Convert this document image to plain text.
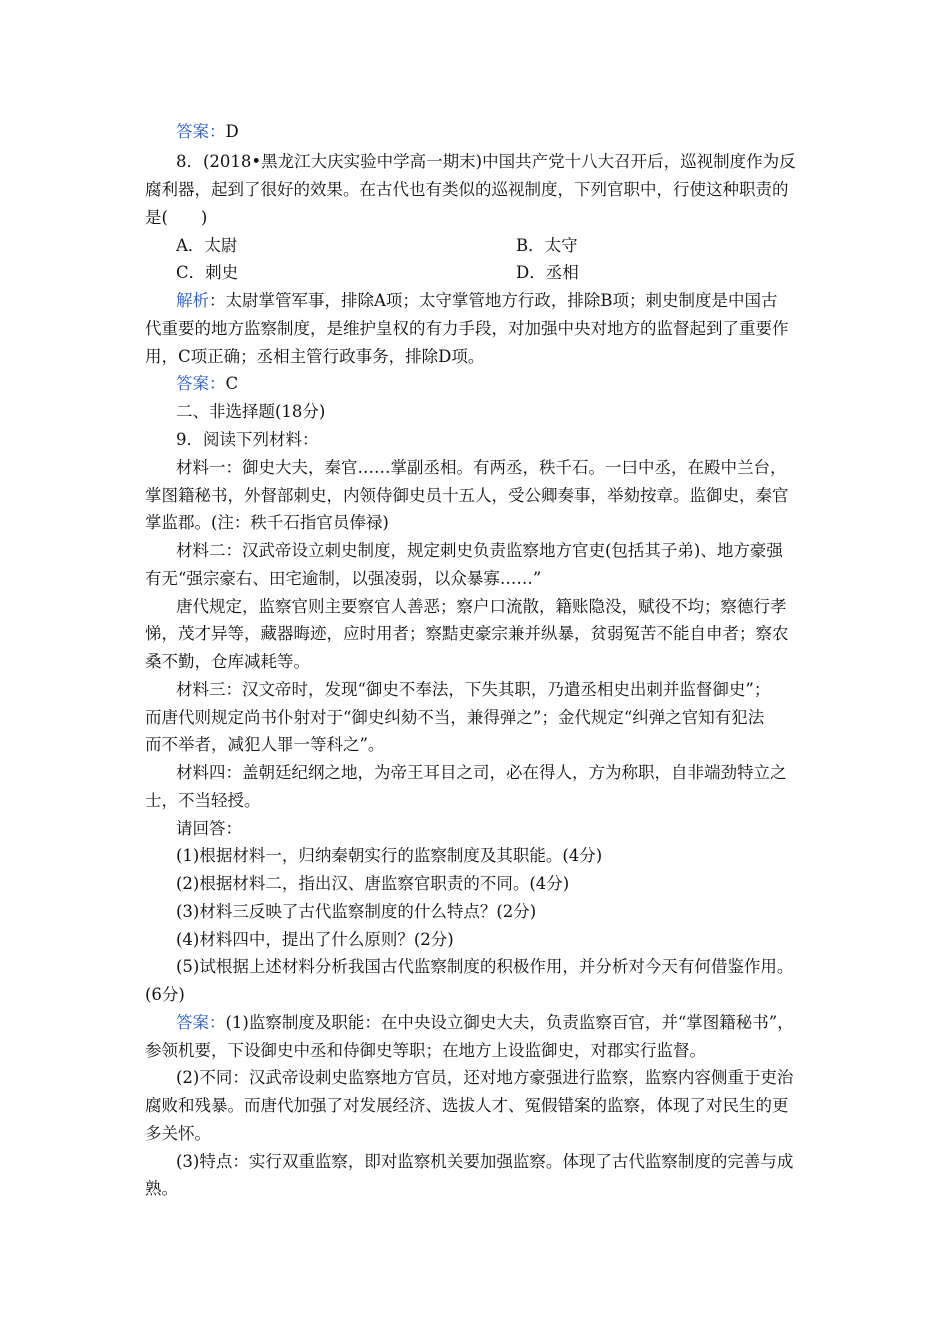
答案：D
8．(2018•黑龙江大庆实验中学高一期末)中国共产党十八大召开后，巡视制度作为反
腐利器，起到了很好的效果。在古代也有类似的巡视制度，下列官职中，行使这种职责的
是(　　)
A．太尉	B．太守
C．刺史	D．丞相
解析：太尉掌管军事，排除A项；太守掌管地方行政，排除B项；刺史制度是中国古
代重要的地方监察制度，是维护皇权的有力手段，对加强中央对地方的监督起到了重要作
用，C项正确；丞相主管行政事务，排除D项。
答案：C
二、非选择题(18分)
9．阅读下列材料：
材料一：御史大夫，秦官……掌副丞相。有两丞，秩千石。一曰中丞，在殿中兰台，
掌图籍秘书，外督部刺史，内领侍御史员十五人，受公卿奏事，举劾按章。监御史，秦官
掌监郡。(注：秩千石指官员俸禄)
材料二：汉武帝设立刺史制度，规定刺史负责监察地方官吏(包括其子弟)、地方豪强
有无“强宗豪右、田宅逾制，以强凌弱，以众暴寡……”
唐代规定，监察官则主要察官人善恶；察户口流散，籍账隐没，赋役不均；察德行孝
悌，茂才异等，藏器晦迹，应时用者；察黠吏豪宗兼并纵暴，贫弱冤苦不能自申者；察农
桑不勤，仓库减耗等。
材料三：汉文帝时，发现“御史不奉法，下失其职，乃遣丞相史出刺并监督御史”；
而唐代则规定尚书仆射对于“御史纠劾不当，兼得弹之”；金代规定“纠弹之官知有犯法
而不举者，减犯人罪一等科之”。
材料四：盖朝廷纪纲之地，为帝王耳目之司，必在得人，方为称职，自非端劲特立之
士，不当轻授。
请回答：
(1)根据材料一，归纳秦朝实行的监察制度及其职能。(4分)
(2)根据材料二，指出汉、唐监察官职责的不同。(4分)
(3)材料三反映了古代监察制度的什么特点？(2分)
(4)材料四中，提出了什么原则？(2分)
(5)试根据上述材料分析我国古代监察制度的积极作用，并分析对今天有何借鉴作用。
(6分)
答案：(1)监察制度及职能：在中央设立御史大夫，负责监察百官，并“掌图籍秘书”，
参领机要，下设御史中丞和侍御史等职；在地方上设监御史，对郡实行监督。
(2)不同：汉武帝设刺史监察地方官员，还对地方豪强进行监察，监察内容侧重于吏治
腐败和残暴。而唐代加强了对发展经济、选拔人才、冤假错案的监察，体现了对民生的更
多关怀。
(3)特点：实行双重监察，即对监察机关要加强监察。体现了古代监察制度的完善与成
熟。
